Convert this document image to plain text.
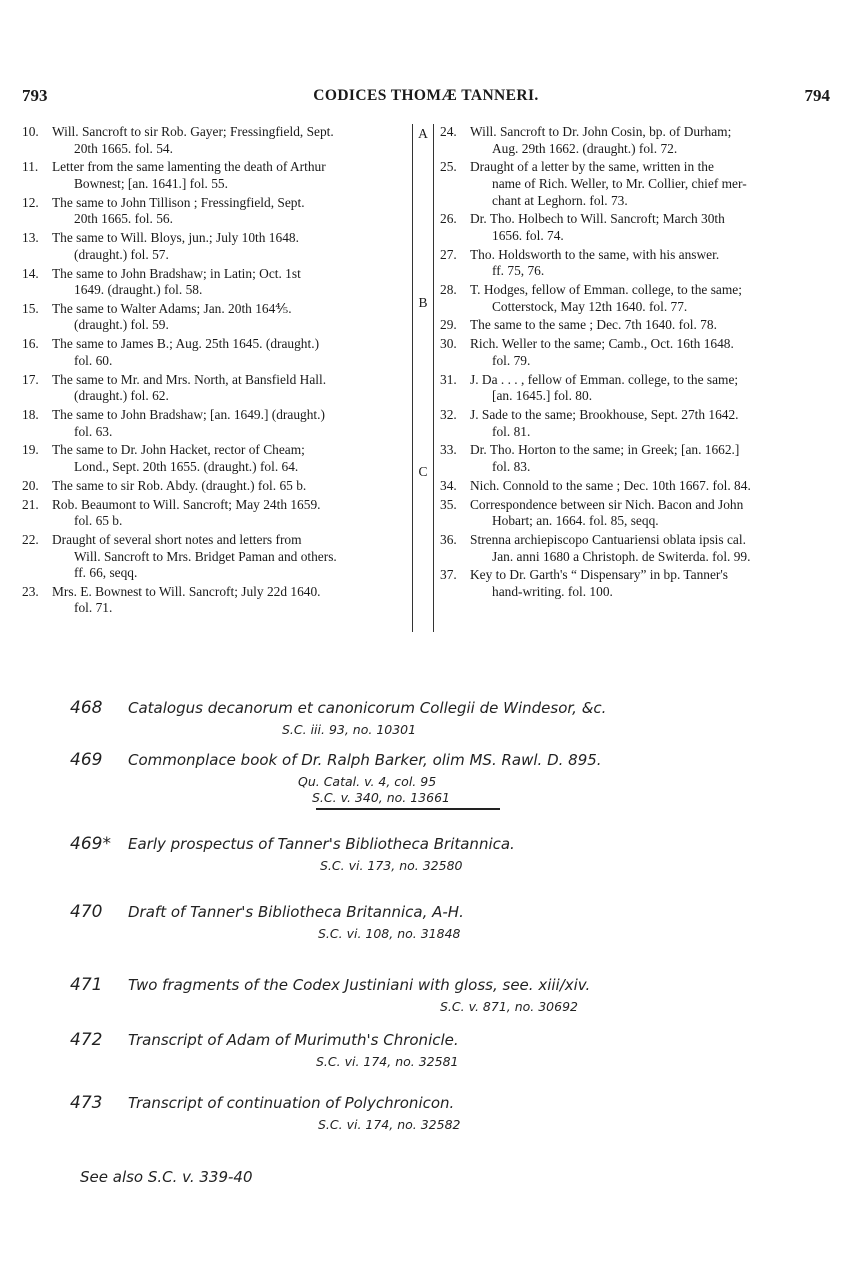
793	CODICES THOMÆ TANNERI.	794
A
B
C
10. Will. Sancroft to sir Rob. Gayer; Fressingfield, Sept.
20th 1665. fol. 54.
11.	Letter from the same lamenting the death of Arthur
Bownest; [an. 1641.] fol. 55.
12. The same to John Tillison ; Fressingfield, Sept.
20th 1665. fol. 56.
13. The same to Will. Bloys, jun.; July 10th 1648.
(draught.) fol. 57.
14. The same to John Bradshaw; in Latin; Oct. 1st
1649. (draught.) fol. 58.
15. The same to Walter Adams; Jan. 20th 164⅘.
(draught.) fol. 59.
16. The same to James B.; Aug. 25th 1645. (draught.)
fol. 60.
17. The same to Mr. and Mrs. North, at Bansfield Hall.
(draught.) fol. 62.
18. The same to John Bradshaw; [an. 1649.] (draught.)
fol. 63.
19. The same to Dr. John Hacket, rector of Cheam;
Lond., Sept. 20th 1655. (draught.) fol. 64.
20. The same to sir Rob. Abdy. (draught.) fol. 65 b.
21. Rob. Beaumont to Will. Sancroft; May 24th 1659.
fol. 65 b.
22. Draught of several short notes and letters from
Will. Sancroft to Mrs. Bridget Paman and others.
ff. 66, seqq.
23. Mrs. E. Bownest to Will. Sancroft; July 22d 1640.
fol. 71.
24. Will. Sancroft to Dr. John Cosin, bp. of Durham;
Aug. 29th 1662. (draught.) fol. 72.
25. Draught of a letter by the same, written in the
name of Rich. Weller, to Mr. Collier, chief mer-
chant at Leghorn. fol. 73.
26. Dr. Tho. Holbech to Will. Sancroft; March 30th
1656. fol. 74.
27. Tho. Holdsworth to the same, with his answer.
ff. 75, 76.
28. T. Hodges, fellow of Emman. college, to the same;
Cotterstock, May 12th 1640. fol. 77.
29. The same to the same ; Dec. 7th 1640. fol. 78.
30. Rich. Weller to the same; Camb., Oct. 16th 1648.
fol. 79.
31. J. Da . . . , fellow of Emman. college, to the same;
[an. 1645.] fol. 80.
32. J. Sade to the same; Brookhouse, Sept. 27th 1642.
fol. 81.
33. Dr. Tho. Horton to the same; in Greek; [an. 1662.]
fol. 83.
34. Nich. Connold to the same ; Dec. 10th 1667. fol. 84.
35. Correspondence between sir Nich. Bacon and John
Hobart; an. 1664. fol. 85, seqq.
36. Strenna archiepiscopo Cantuariensi oblata ipsis cal.
Jan. anni 1680 a Christoph. de Switerda. fol. 99.
37. Key to Dr. Garth's “ Dispensary” in bp. Tanner's
hand-writing. fol. 100.
468 Catalogus decanorum et canonicorum Collegii de Windesor, &c.
S.C. iii. 93, no. 10301
469 Commonplace book of Dr. Ralph Barker, olim MS. Rawl. D. 895.
Qu. Catal. v. 4, col. 95
S.C. v. 340, no. 13661
469* Early prospectus of Tanner's Bibliotheca Britannica.
S.C. vi. 173, no. 32580
470 Draft of Tanner's Bibliotheca Britannica, A-H.
S.C. vi. 108, no. 31848
471 Two fragments of the Codex Justiniani with gloss, see. xiii/xiv.
S.C. v. 871, no. 30692
472 Transcript of Adam of Murimuth's Chronicle.
S.C. vi. 174, no. 32581
473 Transcript of continuation of Polychronicon.
S.C. vi. 174, no. 32582
See also S.C. v. 339-40
